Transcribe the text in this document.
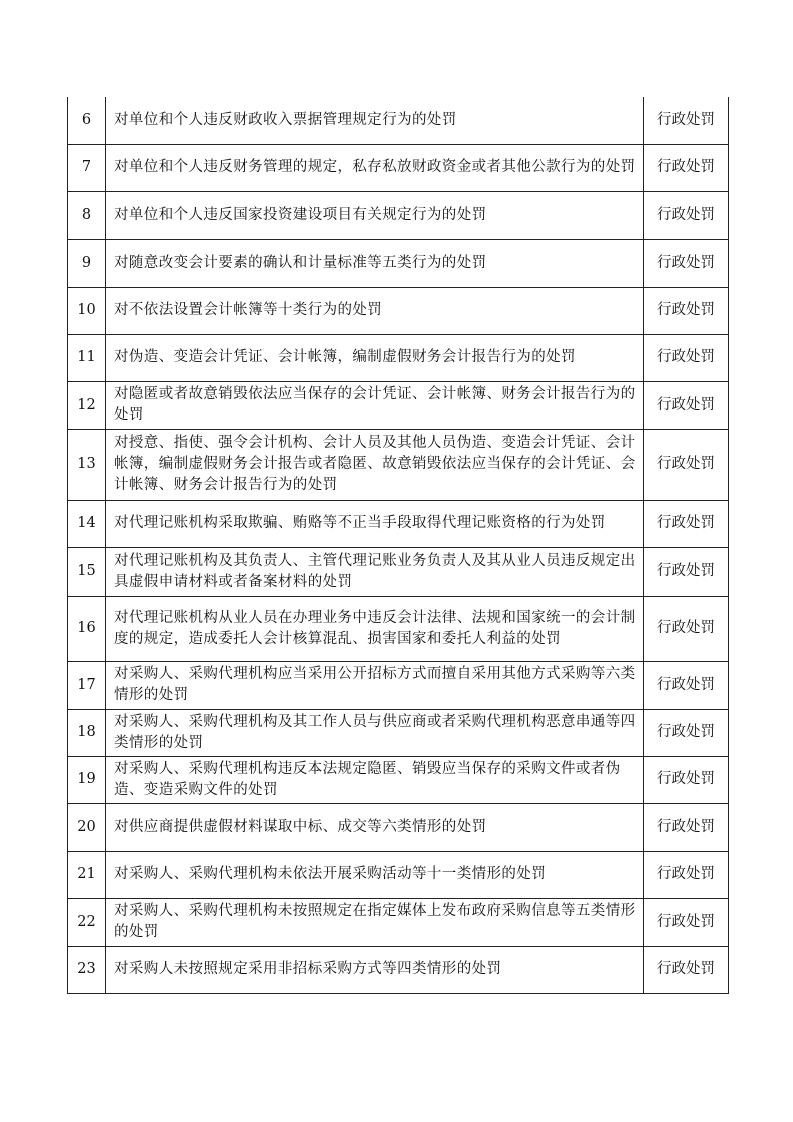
6	对单位和个人违反财政收入票据管理规定行为的处罚	行政处罚
7	对单位和个人违反财务管理的规定，私存私放财政资金或者其他公款行为的处罚	行政处罚
8	对单位和个人违反国家投资建设项目有关规定行为的处罚	行政处罚
9	对随意改变会计要素的确认和计量标准等五类行为的处罚	行政处罚
10	对不依法设置会计帐簿等十类行为的处罚	行政处罚
11	对伪造、变造会计凭证、会计帐簿，编制虚假财务会计报告行为的处罚	行政处罚
12	对隐匿或者故意销毁依法应当保存的会计凭证、会计帐簿、财务会计报告行为的处罚	行政处罚
13	对授意、指使、强令会计机构、会计人员及其他人员伪造、变造会计凭证、会计帐簿，编制虚假财务会计报告或者隐匿、故意销毁依法应当保存的会计凭证、会计帐簿、财务会计报告行为的处罚	行政处罚
14	对代理记账机构采取欺骗、贿赂等不正当手段取得代理记账资格的行为处罚	行政处罚
15	对代理记账机构及其负责人、主管代理记账业务负责人及其从业人员违反规定出具虚假申请材料或者备案材料的处罚	行政处罚
16	对代理记账机构从业人员在办理业务中违反会计法律、法规和国家统一的会计制度的规定，造成委托人会计核算混乱、损害国家和委托人利益的处罚	行政处罚
17	对采购人、采购代理机构应当采用公开招标方式而擅自采用其他方式采购等六类情形的处罚	行政处罚
18	对采购人、采购代理机构及其工作人员与供应商或者采购代理机构恶意串通等四类情形的处罚	行政处罚
19	对采购人、采购代理机构违反本法规定隐匿、销毁应当保存的采购文件或者伪造、变造采购文件的处罚	行政处罚
20	对供应商提供虚假材料谋取中标、成交等六类情形的处罚	行政处罚
21	对采购人、采购代理机构未依法开展采购活动等十一类情形的处罚	行政处罚
22	对采购人、采购代理机构未按照规定在指定媒体上发布政府采购信息等五类情形的处罚	行政处罚
23	对采购人未按照规定采用非招标采购方式等四类情形的处罚	行政处罚
